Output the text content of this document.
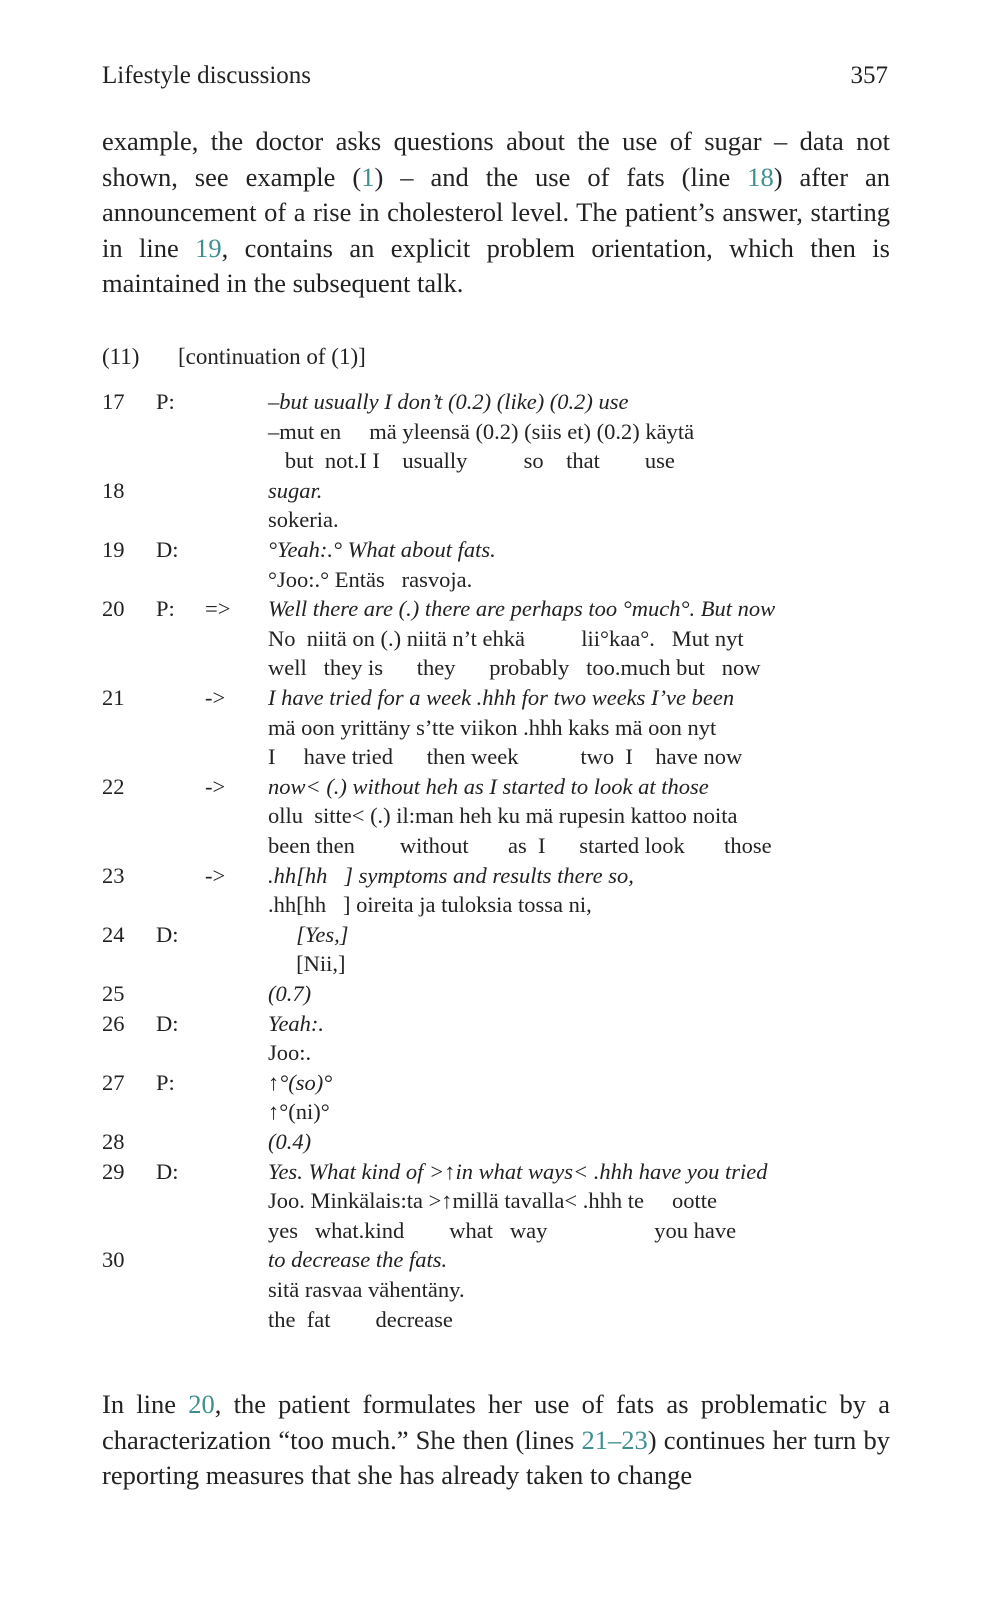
Lifestyle discussions	357
example, the doctor asks questions about the use of sugar – data not shown, see example (1) – and the use of fats (line 18) after an announcement of a rise in cholesterol level. The patient’s answer, starting in line 19, contains an explicit problem orientation, which then is maintained in the subsequent talk.
(11) [continuation of (1)]
17 P:	–but usually I don’t (0.2) (like) (0.2) use
–mut en     mä yleensä (0.2) (siis et) (0.2) käytä
but  not.I I    usually          so    that        use
18	sugar.
sokeria.
19 D:	°Yeah:.° What about fats.
°Joo:.° Entäs   rasvoja.
20 P: => Well there are (.) there are perhaps too °much°. But now
No  niitä on (.) niitä n’t ehkä          lii°kaa°.   Mut nyt
well   they is      they      probably   too.much but   now
21	-> I have tried for a week .hhh for two weeks I’ve been
mä oon yrittäny s’tte viikon .hhh kaks mä oon nyt
I     have tried      then week           two  I    have now
22	-> now< (.) without heh as I started to look at those
ollu  sitte< (.) il:man heh ku mä rupesin kattoo noita
been then        without       as  I      started look       those
23	-> .hh[hh   ] symptoms and results there so,
.hh[hh   ] oireita ja tuloksia tossa ni,
24 D:	[Yes,]
[Nii,]
25	(0.7)
26 D:	Yeah:.
Joo:.
27 P:	↑°(so)°
↑°(ni)°
28	(0.4)
29 D:	Yes. What kind of >↑in what ways< .hhh have you tried
Joo. Minkälais:ta >↑millä tavalla< .hhh te     ootte
yes   what.kind        what   way                   you have
30	to decrease the fats.
sitä rasvaa vähentäny.
the  fat        decrease
In line 20, the patient formulates her use of fats as problematic by a characterization “too much.” She then (lines 21–23) continues her turn by reporting measures that she has already taken to change
